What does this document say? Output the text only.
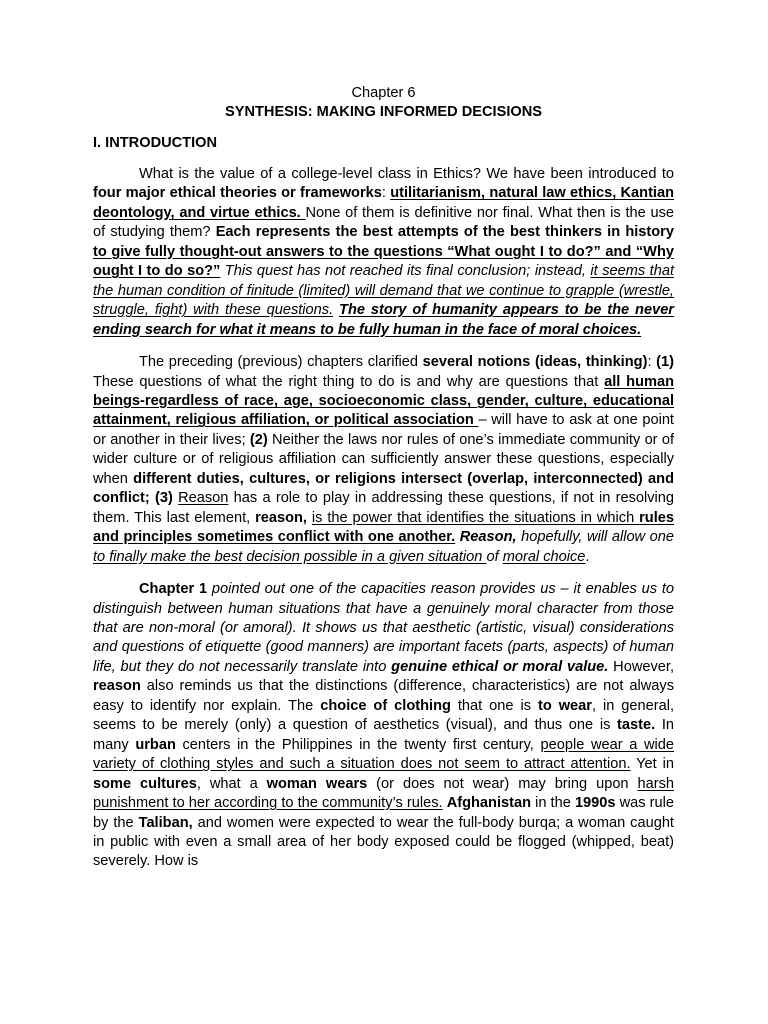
Chapter 6
SYNTHESIS: MAKING INFORMED DECISIONS
I. INTRODUCTION

What is the value of a college-level class in Ethics? We have been introduced to four major ethical theories or frameworks: utilitarianism, natural law ethics, Kantian deontology, and virtue ethics. None of them is definitive nor final. What then is the use of studying them? Each represents the best attempts of the best thinkers in history to give fully thought-out answers to the questions “What ought I to do?” and “Why ought I to do so?” This quest has not reached its final conclusion; instead, it seems that the human condition of finitude (limited) will demand that we continue to grapple (wrestle, struggle, fight) with these questions. The story of humanity appears to be the never ending search for what it means to be fully human in the face of moral choices.

The preceding (previous) chapters clarified several notions (ideas, thinking): (1) These questions of what the right thing to do is and why are questions that all human beings-regardless of race, age, socioeconomic class, gender, culture, educational attainment, religious affiliation, or political association – will have to ask at one point or another in their lives; (2) Neither the laws nor rules of one’s immediate community or of wider culture or of religious affiliation can sufficiently answer these questions, especially when different duties, cultures, or religions intersect (overlap, interconnected) and conflict; (3) Reason has a role to play in addressing these questions, if not in resolving them. This last element, reason, is the power that identifies the situations in which rules and principles sometimes conflict with one another. Reason, hopefully, will allow one to finally make the best decision possible in a given situation of moral choice.

Chapter 1 pointed out one of the capacities reason provides us – it enables us to distinguish between human situations that have a genuinely moral character from those that are non-moral (or amoral). It shows us that aesthetic (artistic, visual) considerations and questions of etiquette (good manners) are important facets (parts, aspects) of human life, but they do not necessarily translate into genuine ethical or moral value. However, reason also reminds us that the distinctions (difference, characteristics) are not always easy to identify nor explain. The choice of clothing that one is to wear, in general, seems to be merely (only) a question of aesthetics (visual), and thus one is taste. In many urban centers in the Philippines in the twenty first century, people wear a wide variety of clothing styles and such a situation does not seem to attract attention. Yet in some cultures, what a woman wears (or does not wear) may bring upon harsh punishment to her according to the community’s rules. Afghanistan in the 1990s was rule by the Taliban, and women were expected to wear the full-body burqa; a woman caught in public with even a small area of her body exposed could be flogged (whipped, beat) severely. How is
